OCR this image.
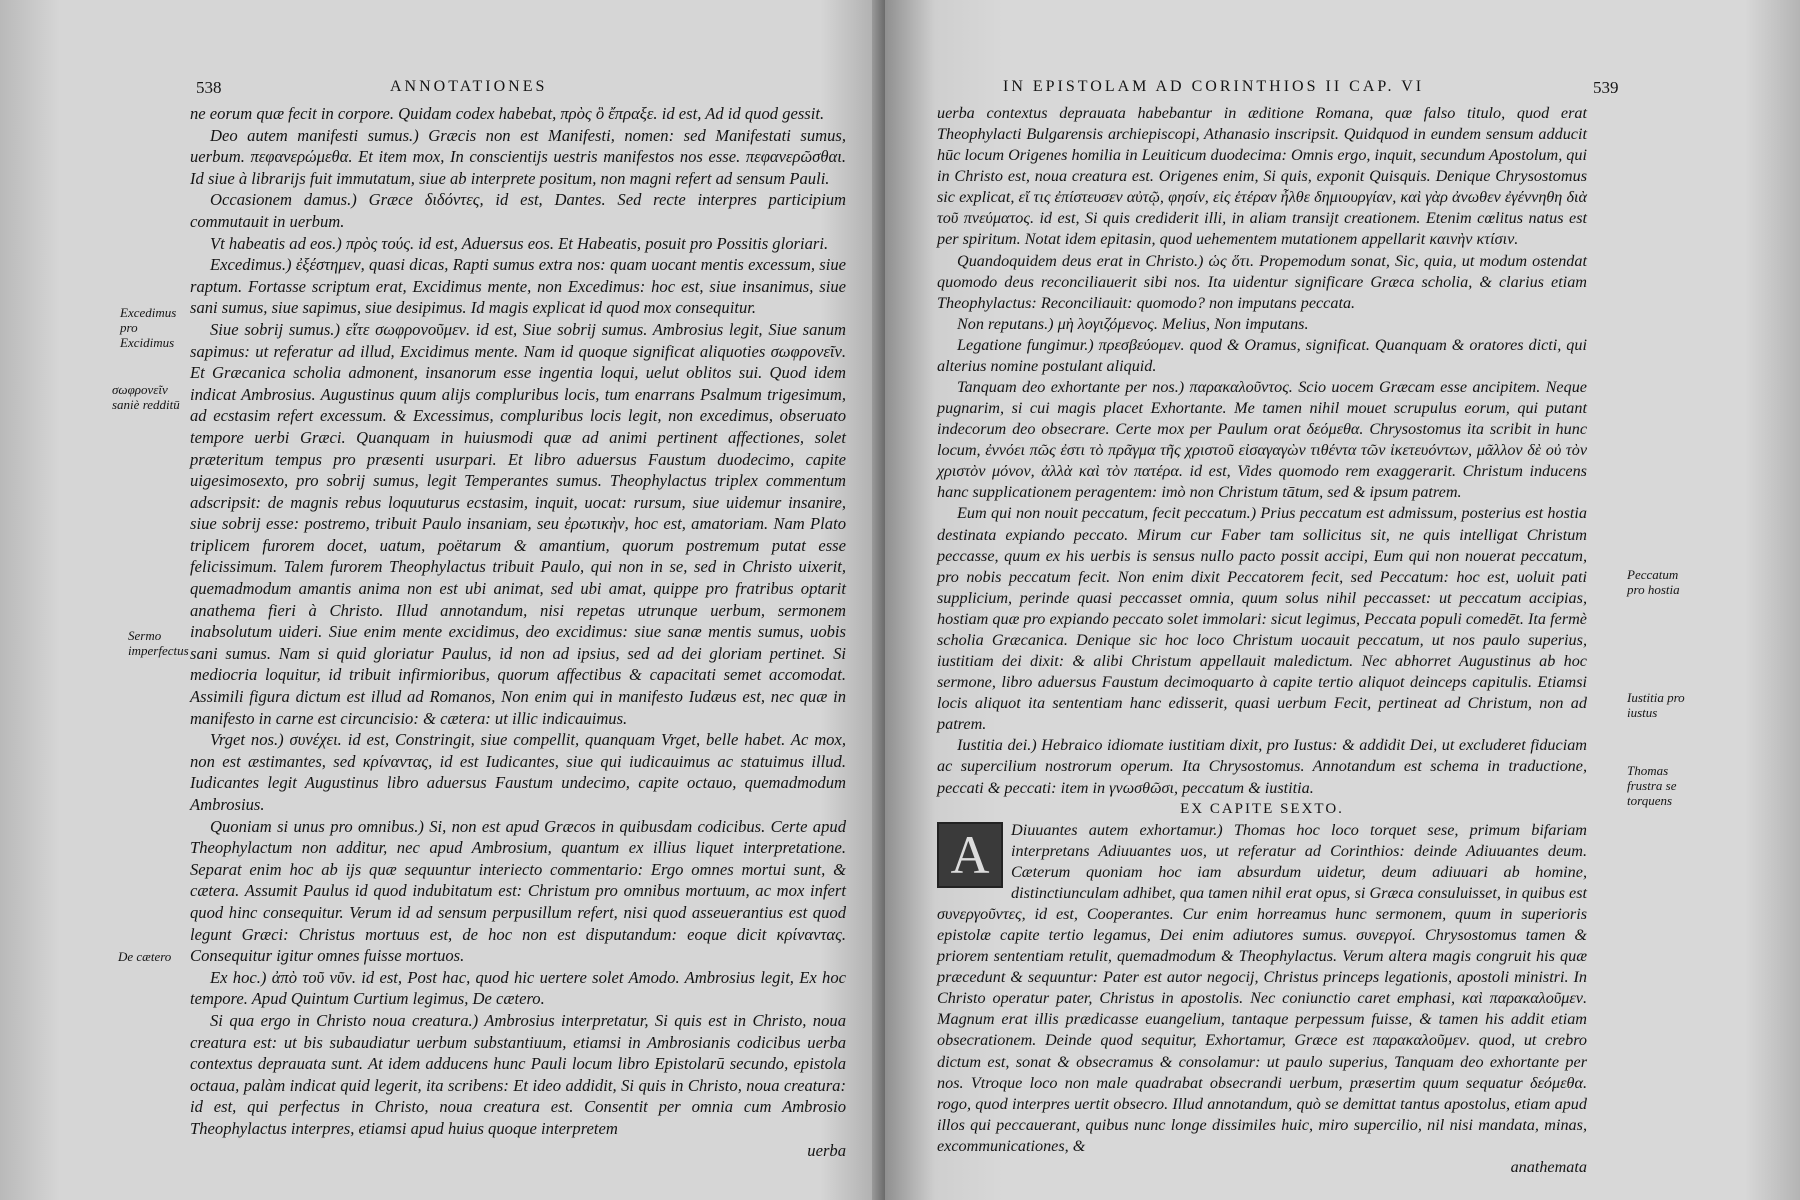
538	ANNOTATIONES

ne eorum quæ fecit in corpore. Quidam codex habebat, πρὸς ὃ ἔπραξε. id est, Ad id quod gessit.

Deo autem manifesti sumus.) Græcis non est Manifesti, nomen: sed Manifestati sumus, uerbum. πεφανερώμεθα. Et item mox, In conscientijs uestris manifestos nos esse. πεφανερῶσθαι. Id siue à librarijs fuit immutatum, siue ab interprete positum, non magni refert ad sensum Pauli.

Occasionem damus.) Græce διδόντες, id est, Dantes. Sed recte interpres participium commutauit in uerbum.

Vt habeatis ad eos.) πρὸς τούς. id est, Aduersus eos. Et Habeatis, posuit pro Possitis gloriari.

Excedimus.) ἐξέστημεν, quasi dicas, Rapti sumus extra nos: quam uocant mentis excessum, siue raptum. Fortasse scriptum erat, Excidimus mente, non Excedimus: hoc est, siue insanimus, siue sani sumus, siue sapimus, siue desipimus. Id magis explicat id quod mox consequitur.

Siue sobrij sumus.) εἴτε σωφρονοῦμεν. id est, Siue sobrij sumus. Ambrosius legit, Siue sanum sapimus: ut referatur ad illud, Excidimus mente. Nam id quoque significat aliquoties σωφρονεῖν. Et Græcanica scholia admonent, insanorum esse ingentia loqui, uelut oblitos sui. Quod idem indicat Ambrosius. Augustinus quum alijs compluribus locis, tum enarrans Psalmum trigesimum, ad ecstasim refert excessum. & Excessimus, compluribus locis legit, non excedimus, obseruato tempore uerbi Græci. Quanquam in huiusmodi quæ ad animi pertinent affectiones, solet præteritum tempus pro præsenti usurpari. Et libro aduersus Faustum duodecimo, capite uigesimosexto, pro sobrij sumus, legit Temperantes sumus. Theophylactus triplex commentum adscripsit: de magnis rebus loquuturus ecstasim, inquit, uocat: rursum, siue uidemur insanire, siue sobrij esse: postremo, tribuit Paulo insaniam, seu ἐρωτικὴν, hoc est, amatoriam. Nam Plato triplicem furorem docet, uatum, poëtarum & amantium, quorum postremum putat esse felicissimum. Talem furorem Theophylactus tribuit Paulo, qui non in se, sed in Christo uixerit, quemadmodum amantis anima non est ubi animat, sed ubi amat, quippe pro fratribus optarit anathema fieri à Christo. Illud annotandum, nisi repetas utrunque uerbum, sermonem inabsolutum uideri. Siue enim mente excidimus, deo excidimus: siue sanæ mentis sumus, uobis sani sumus. Nam si quid gloriatur Paulus, id non ad ipsius, sed ad dei gloriam pertinet. Si mediocria loquitur, id tribuit infirmioribus, quorum affectibus & capacitati semet accomodat. Assimili figura dictum est illud ad Romanos, Non enim qui in manifesto Iudæus est, nec quæ in manifesto in carne est circuncisio: & cætera: ut illic indicauimus.

Vrget nos.) συνέχει. id est, Constringit, siue compellit, quanquam Vrget, belle habet. Ac mox, non est æstimantes, sed κρίναντας, id est Iudicantes, siue qui iudicauimus ac statuimus illud. Iudicantes legit Augustinus libro aduersus Faustum undecimo, capite octauo, quemadmodum Ambrosius.

Quoniam si unus pro omnibus.) Si, non est apud Græcos in quibusdam codicibus. Certe apud Theophylactum non additur, nec apud Ambrosium, quantum ex illius liquet interpretatione. Separat enim hoc ab ijs quæ sequuntur interiecto commentario: Ergo omnes mortui sunt, & cætera. Assumit Paulus id quod indubitatum est: Christum pro omnibus mortuum, ac mox infert quod hinc consequitur. Verum id ad sensum perpusillum refert, nisi quod asseuerantius est quod legunt Græci: Christus mortuus est, de hoc non est disputandum: eoque dicit κρίναντας. Consequitur igitur omnes fuisse mortuos.

Ex hoc.) ἀπὸ τοῦ νῦν. id est, Post hac, quod hic uertere solet Amodo. Ambrosius legit, Ex hoc tempore. Apud Quintum Curtium legimus, De cætero.

Si qua ergo in Christo noua creatura.) Ambrosius interpretatur, Si quis est in Christo, noua creatura est: ut bis subaudiatur uerbum substantiuum, etiamsi in Ambrosianis codicibus uerba contextus deprauata sunt. At idem adducens hunc Pauli locum libro Epistolarū secundo, epistola octaua, palàm indicat quid legerit, ita scribens: Et ideo addidit, Si quis in Christo, noua creatura: id est, qui perfectus in Christo, noua creatura est. Consentit per omnia cum Ambrosio Theophylactus interpres, etiamsi apud huius quoque interpretem

uerba

Excedimus pro Excidimus
σωφρονεῖν saniè redditū
Sermo imperfectus
De cætero
IN EPISTOLAM AD CORINTHIOS II CAP. VI	539

uerba contextus deprauata habebantur in æditione Romana, quæ falso titulo, quod erat Theophylacti Bulgarensis archiepiscopi, Athanasio inscripsit. Quidquod in eundem sensum adducit hūc locum Origenes homilia in Leuiticum duodecima: Omnis ergo, inquit, secundum Apostolum, qui in Christo est, noua creatura est. Origenes enim, Si quis, exponit Quisquis. Denique Chrysostomus sic explicat, εἴ τις ἐπίστευσεν αὐτῷ, φησίν, εἰς ἑτέραν ἦλθε δημιουργίαν, καὶ γὰρ ἀνωθεν ἐγέννηθη διὰ τοῦ πνεύματος. id est, Si quis crediderit illi, in aliam transijt creationem. Etenim cœlitus natus est per spiritum. Notat idem epitasin, quod uehementem mutationem appellarit καινὴν κτίσιν.

Quandoquidem deus erat in Christo.) ὡς ὅτι. Propemodum sonat, Sic, quia, ut modum ostendat quomodo deus reconciliauerit sibi nos. Ita uidentur significare Græca scholia, & clarius etiam Theophylactus: Reconciliauit: quomodo? non imputans peccata.

Non reputans.) μὴ λογιζόμενος. Melius, Non imputans.

Legatione fungimur.) πρεσβεύομεν. quod & Oramus, significat. Quanquam & oratores dicti, qui alterius nomine postulant aliquid.

Tanquam deo exhortante per nos.) παρακαλοῦντος. Scio uocem Græcam esse ancipitem. Neque pugnarim, si cui magis placet Exhortante. Me tamen nihil mouet scrupulus eorum, qui putant indecorum deo obsecrare. Certe mox per Paulum orat δεόμεθα. Chrysostomus ita scribit in hunc locum, ἐννόει πῶς ἐστι τὸ πρᾶγμα τῆς χριστοῦ εἰσαγαγὼν τιθέντα τῶν ἰκετευόντων, μᾶλλον δὲ οὐ τὸν χριστὸν μόνον, ἀλλὰ καὶ τὸν πατέρα. id est, Vides quomodo rem exaggerarit. Christum inducens hanc supplicationem peragentem: imò non Christum tātum, sed & ipsum patrem.

Eum qui non nouit peccatum, fecit peccatum.) Prius peccatum est admissum, posterius est hostia destinata expiando peccato. Mirum cur Faber tam sollicitus sit, ne quis intelligat Christum peccasse, quum ex his uerbis is sensus nullo pacto possit accipi, Eum qui non nouerat peccatum, pro nobis peccatum fecit. Non enim dixit Peccatorem fecit, sed Peccatum: hoc est, uoluit pati supplicium, perinde quasi peccasset omnia, quum solus nihil peccasset: ut peccatum accipias, hostiam quæ pro expiando peccato solet immolari: sicut legimus, Peccata populi comedēt. Ita fermè scholia Græcanica. Denique sic hoc loco Christum uocauit peccatum, ut nos paulo superius, iustitiam dei dixit: & alibi Christum appellauit maledictum. Nec abhorret Augustinus ab hoc sermone, libro aduersus Faustum decimoquarto à capite tertio aliquot deinceps capitulis. Etiamsi locis aliquot ita sententiam hanc edisserit, quasi uerbum Fecit, pertineat ad Christum, non ad patrem.

Iustitia dei.) Hebraico idiomate iustitiam dixit, pro Iustus: & addidit Dei, ut excluderet fiduciam ac supercilium nostrorum operum. Ita Chrysostomus. Annotandum est schema in traductione, peccati & peccati: item in γνωσθῶσι, peccatum & iustitia.

EX CAPITE SEXTO.

A	Diuuantes autem exhortamur.) Thomas hoc loco torquet sese, primum bifariam interpretans Adiuuantes uos, ut referatur ad Corinthios: deinde Adiuuantes deum. Cæterum quoniam hoc iam absurdum uidetur, deum adiuuari ab homine, distinctiunculam adhibet, qua tamen nihil erat opus, si Græca consuluisset, in quibus est συνεργοῦντες, id est, Cooperantes. Cur enim horreamus hunc sermonem, quum in superioris epistolæ capite tertio legamus, Dei enim adiutores sumus. συνεργοί. Chrysostomus tamen & priorem sententiam retulit, quemadmodum & Theophylactus. Verum altera magis congruit his quæ præcedunt & sequuntur: Pater est autor negocij, Christus princeps legationis, apostoli ministri. In Christo operatur pater, Christus in apostolis. Nec coniunctio caret emphasi, καὶ παρακαλοῦμεν. Magnum erat illis prædicasse euangelium, tantaque perpessum fuisse, & tamen his addit etiam obsecrationem. Deinde quod sequitur, Exhortamur, Græce est παρακαλοῦμεν. quod, ut crebro dictum est, sonat & obsecramus & consolamur: ut paulo superius, Tanquam deo exhortante per nos. Vtroque loco non male quadrabat obsecrandi uerbum, præsertim quum sequatur δεόμεθα. rogo, quod interpres uertit obsecro. Illud annotandum, quò se demittat tantus apostolus, etiam apud illos qui peccauerant, quibus nunc longe dissimiles huic, miro supercilio, nil nisi mandata, minas, excommunicationes, &

anathemata

Peccatum pro hostia
Iustitia pro iustus
Thomas frustra se torquens
